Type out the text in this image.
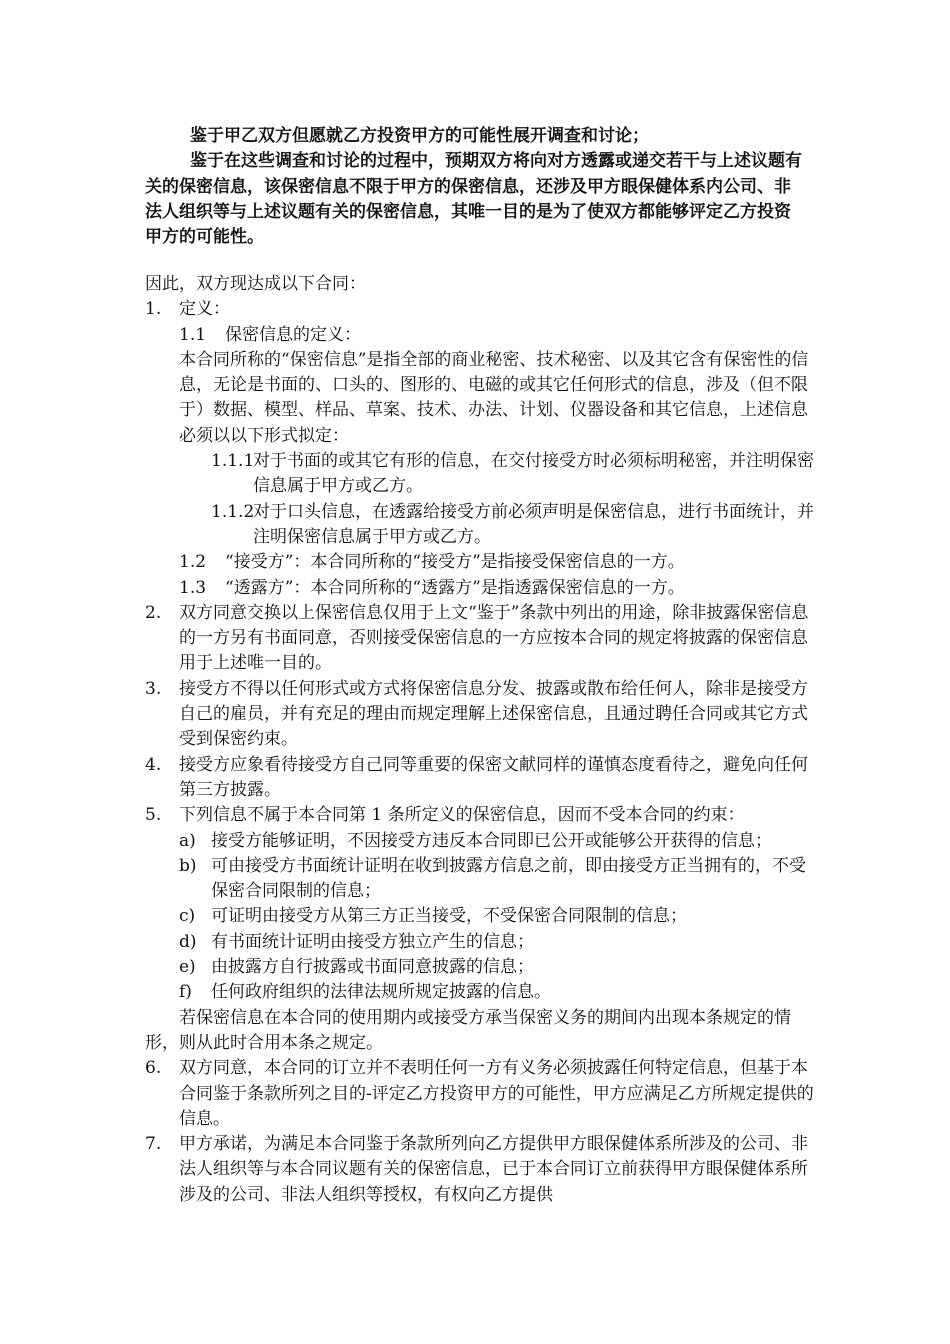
鉴于甲乙双方但愿就乙方投资甲方的可能性展开调查和讨论；

鉴于在这些调查和讨论的过程中，预期双方将向对方透露或递交若干与上述议题有关的保密信息，该保密信息不限于甲方的保密信息，还涉及甲方眼保健体系内公司、非法人组织等与上述议题有关的保密信息，其唯一目的是为了使双方都能够评定乙方投资甲方的可能性。

因此，双方现达成以下合同：
1.	定义：
1.1 保密信息的定义：
本合同所称的“保密信息”是指全部的商业秘密、技术秘密、以及其它含有保密性的信息，无论是书面的、口头的、图形的、电磁的或其它任何形式的信息，涉及（但不限于）数据、模型、样品、草案、技术、办法、计划、仪器设备和其它信息，上述信息必须以以下形式拟定：
1.1.1
对于书面的或其它有形的信息，在交付接受方时必须标明秘密，并注明保密信息属于甲方或乙方。
1.1.2
对于口头信息，在透露给接受方前必须声明是保密信息，进行书面统计，并注明保密信息属于甲方或乙方。
1.2 “接受方”：本合同所称的“接受方”是指接受保密信息的一方。
1.3 “透露方”：本合同所称的“透露方”是指透露保密信息的一方。
2.	双方同意交换以上保密信息仅用于上文“鉴于”条款中列出的用途，除非披露保密信息的一方另有书面同意，否则接受保密信息的一方应按本合同的规定将披露的保密信息用于上述唯一目的。
3.	接受方不得以任何形式或方式将保密信息分发、披露或散布给任何人，除非是接受方自己的雇员，并有充足的理由而规定理解上述保密信息，且通过聘任合同或其它方式受到保密约束。
4.	接受方应象看待接受方自己同等重要的保密文献同样的谨慎态度看待之，避免向任何第三方披露。
5.	下列信息不属于本合同第 1 条所定义的保密信息，因而不受本合同的约束：
a) 接受方能够证明，不因接受方违反本合同即已公开或能够公开获得的信息；
b) 可由接受方书面统计证明在收到披露方信息之前，即由接受方正当拥有的，不受保密合同限制的信息；
c) 可证明由接受方从第三方正当接受，不受保密合同限制的信息；
d) 有书面统计证明由接受方独立产生的信息；
e) 由披露方自行披露或书面同意披露的信息；
f) 任何政府组织的法律法规所规定披露的信息。
若保密信息在本合同的使用期内或接受方承当保密义务的期间内出现本条规定的情形，则从此时合用本条之规定。
6.	双方同意，本合同的订立并不表明任何一方有义务必须披露任何特定信息，但基于本合同鉴于条款所列之目的-评定乙方投资甲方的可能性，甲方应满足乙方所规定提供的信息。
7.	甲方承诺，为满足本合同鉴于条款所列向乙方提供甲方眼保健体系所涉及的公司、非法人组织等与本合同议题有关的保密信息，已于本合同订立前获得甲方眼保健体系所涉及的公司、非法人组织等授权，有权向乙方提供
